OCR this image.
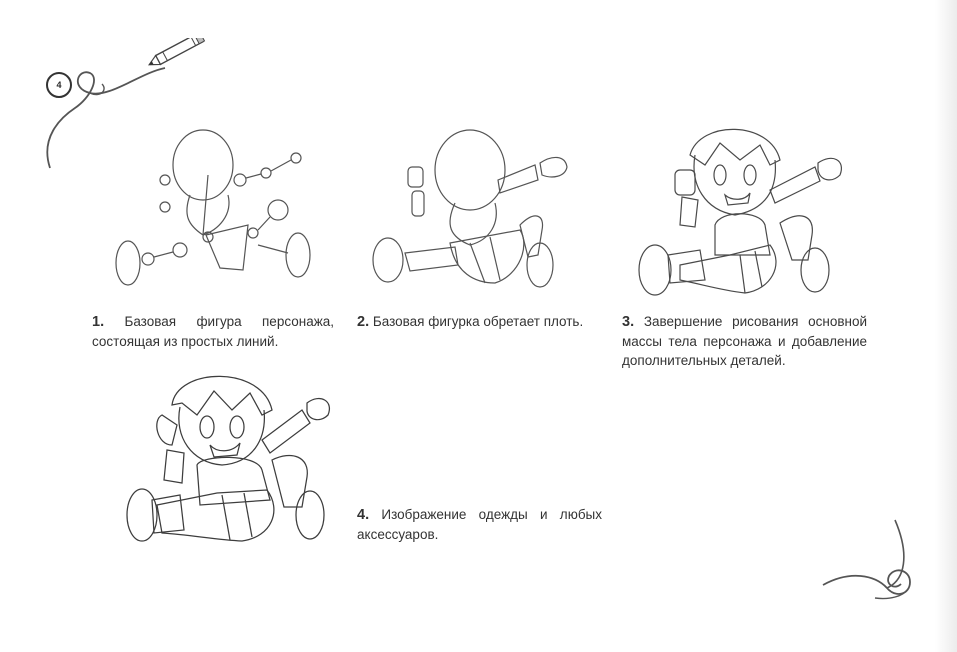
4
1. Базовая фигура персонажа, состоящая из простых линий.
2. Базовая фигурка обретает плоть.	3. Завершение рисования основной массы тела персонажа и добавление дополнительных деталей.
4. Изображение одежды и любых аксессуаров.
